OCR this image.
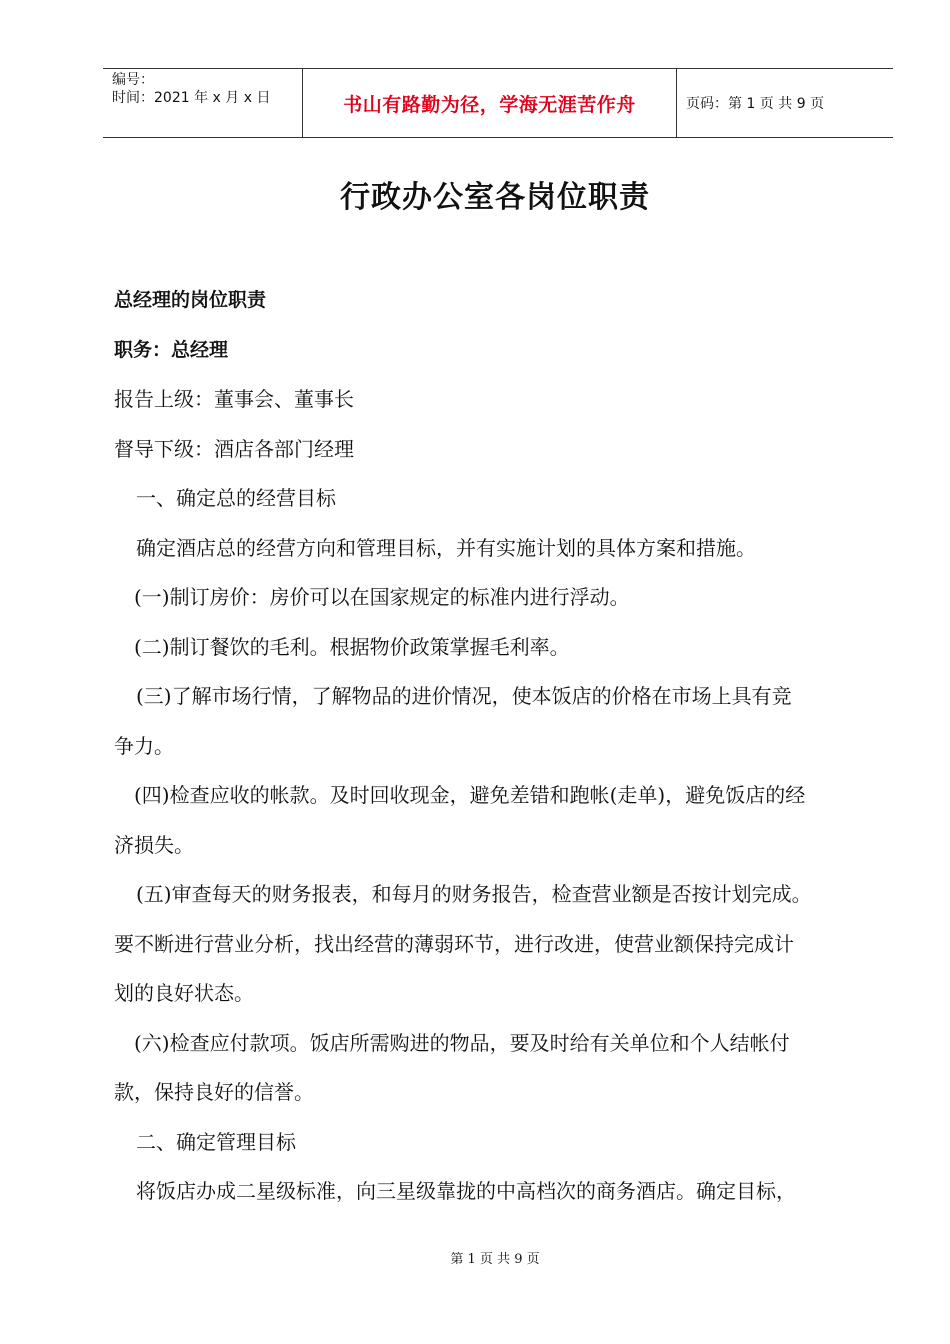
编号：
时间：2021 年 x 月 x 日	书山有路勤为径，学海无涯苦作舟	页码：第 1 页 共 9 页
行政办公室各岗位职责

总经理的岗位职责

职务：总经理

报告上级：董事会、董事长

督导下级：酒店各部门经理

一、确定总的经营目标

确定酒店总的经营方向和管理目标，并有实施计划的具体方案和措施。

(一)制订房价：房价可以在国家规定的标准内进行浮动。

(二)制订餐饮的毛利。根据物价政策掌握毛利率。

(三)了解市场行情，了解物品的进价情况，使本饭店的价格在市场上具有竞

争力。

(四)检查应收的帐款。及时回收现金，避免差错和跑帐(走单)，避免饭店的经

济损失。

(五)审查每天的财务报表，和每月的财务报告，检查营业额是否按计划完成。

要不断进行营业分析，找出经营的薄弱环节，进行改进，使营业额保持完成计

划的良好状态。

(六)检查应付款项。饭店所需购进的物品，要及时给有关单位和个人结帐付

款，保持良好的信誉。

二、确定管理目标

将饭店办成二星级标准，向三星级靠拢的中高档次的商务酒店。确定目标，

第 1 页 共 9 页
